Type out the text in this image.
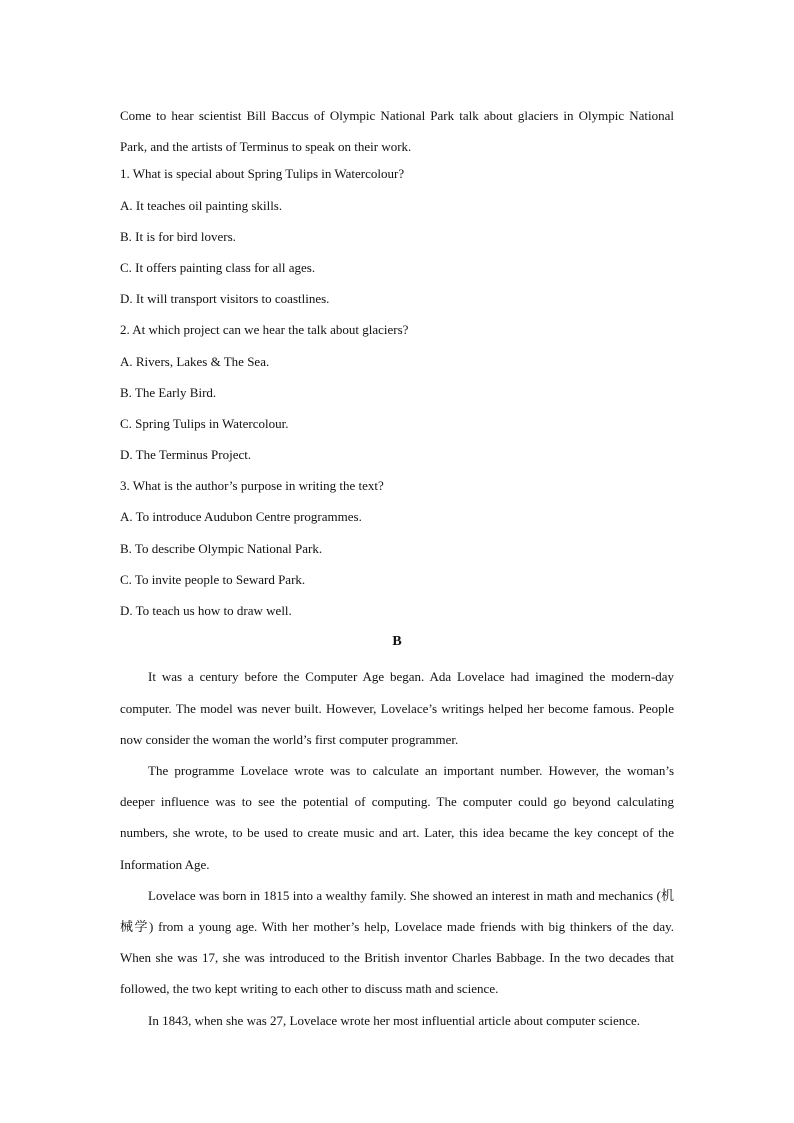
Come to hear scientist Bill Baccus of Olympic National Park talk about glaciers in Olympic National Park, and the artists of Terminus to speak on their work.

1. What is special about Spring Tulips in Watercolour?
A. It teaches oil painting skills.
B. It is for bird lovers.
C. It offers painting class for all ages.
D. It will transport visitors to coastlines.
2. At which project can we hear the talk about glaciers?
A. Rivers, Lakes & The Sea.
B. The Early Bird.
C. Spring Tulips in Watercolour.
D. The Terminus Project.
3. What is the author’s purpose in writing the text?
A. To introduce Audubon Centre programmes.
B. To describe Olympic National Park.
C. To invite people to Seward Park.
D. To teach us how to draw well.
B

It was a century before the Computer Age began. Ada Lovelace had imagined the modern-day computer. The model was never built. However, Lovelace’s writings helped her become famous. People now consider the woman the world’s first computer programmer.

The programme Lovelace wrote was to calculate an important number. However, the woman’s deeper influence was to see the potential of computing. The computer could go beyond calculating numbers, she wrote, to be used to create music and art. Later, this idea became the key concept of the Information Age.

Lovelace was born in 1815 into a wealthy family. She showed an interest in math and mechanics (机械学) from a young age. With her mother’s help, Lovelace made friends with big thinkers of the day. When she was 17, she was introduced to the British inventor Charles Babbage. In the two decades that followed, the two kept writing to each other to discuss math and science.

In 1843, when she was 27, Lovelace wrote her most influential article about computer science.
